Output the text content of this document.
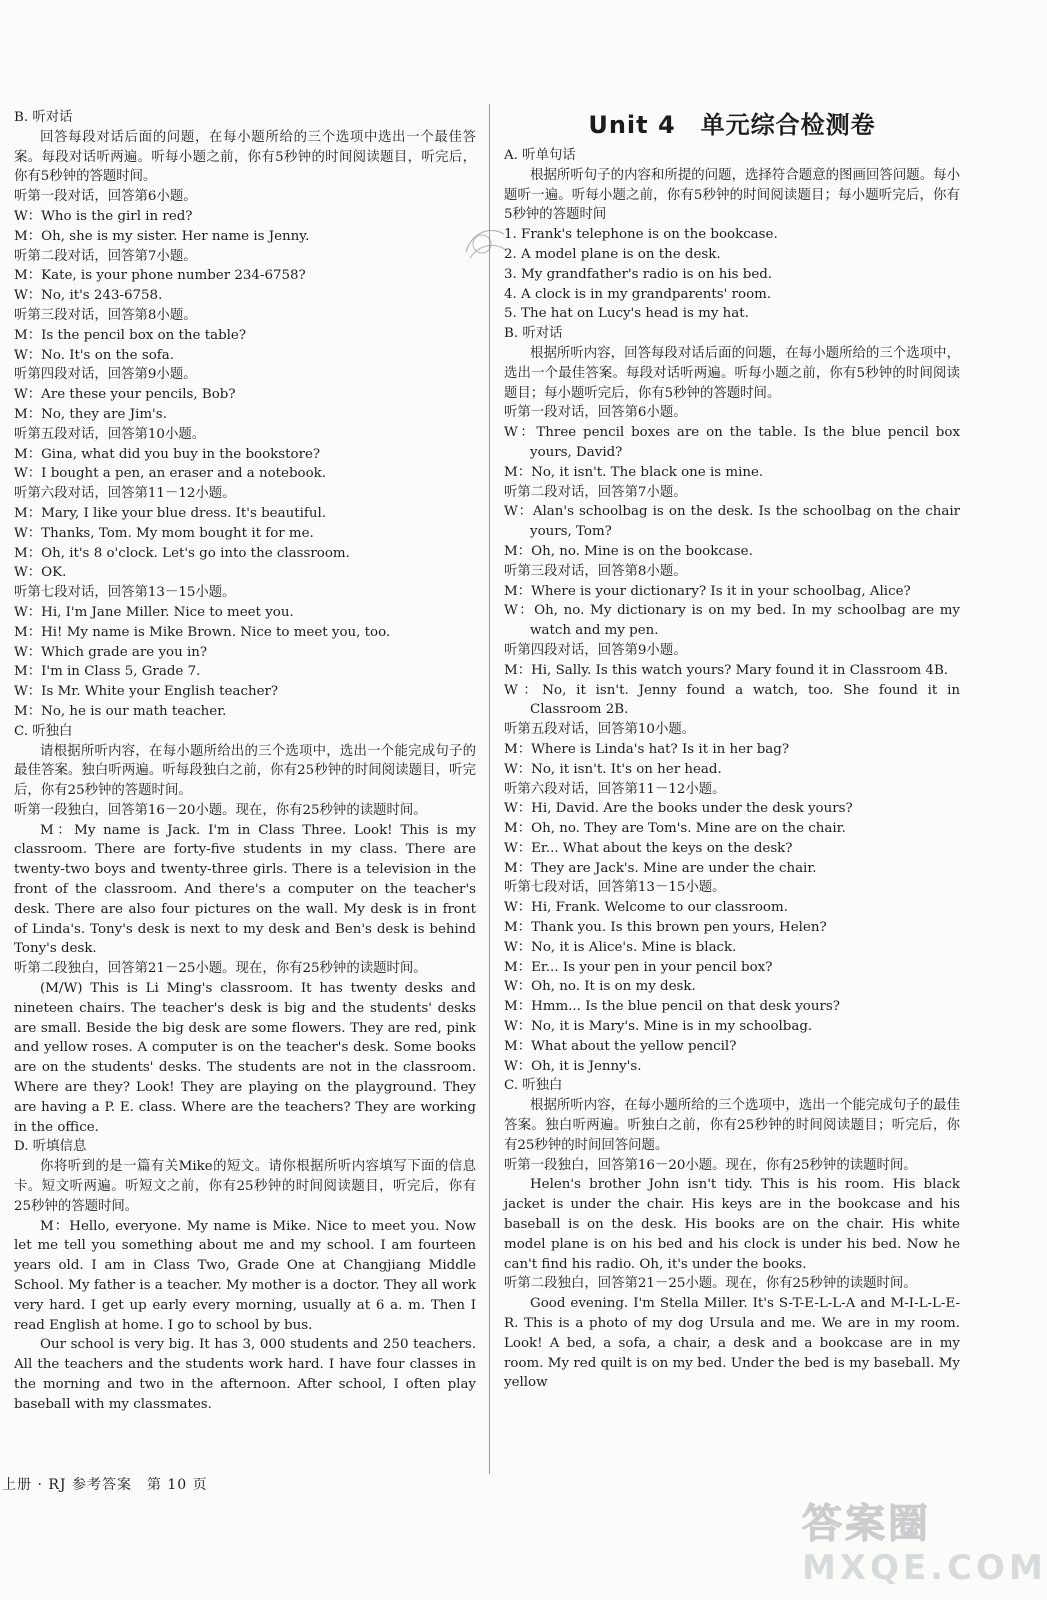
B. 听对话

回答每段对话后面的问题，在每小题所给的三个选项中选出一个最佳答案。每段对话听两遍。听每小题之前，你有5秒钟的时间阅读题目，听完后，你有5秒钟的答题时间。

听第一段对话，回答第6小题。

W：Who is the girl in red?

M：Oh, she is my sister. Her name is Jenny.

听第二段对话，回答第7小题。

M：Kate, is your phone number 234-6758?

W：No, it's 243-6758.

听第三段对话，回答第8小题。

M：Is the pencil box on the table?

W：No. It's on the sofa.

听第四段对话，回答第9小题。

W：Are these your pencils, Bob?

M：No, they are Jim's.

听第五段对话，回答第10小题。

M：Gina, what did you buy in the bookstore?

W：I bought a pen, an eraser and a notebook.

听第六段对话，回答第11－12小题。

M：Mary, I like your blue dress. It's beautiful.

W：Thanks, Tom. My mom bought it for me.

M：Oh, it's 8 o'clock. Let's go into the classroom.

W：OK.

听第七段对话，回答第13－15小题。

W：Hi, I'm Jane Miller. Nice to meet you.

M：Hi! My name is Mike Brown. Nice to meet you, too.

W：Which grade are you in?

M：I'm in Class 5, Grade 7.

W：Is Mr. White your English teacher?

M：No, he is our math teacher.

C. 听独白

请根据所听内容，在每小题所给出的三个选项中，选出一个能完成句子的最佳答案。独白听两遍。听每段独白之前，你有25秒钟的时间阅读题目，听完后，你有25秒钟的答题时间。

听第一段独白，回答第16－20小题。现在，你有25秒钟的读题时间。

M：My name is Jack. I'm in Class Three. Look! This is my classroom. There are forty-five students in my class. There are twenty-two boys and twenty-three girls. There is a television in the front of the classroom. And there's a computer on the teacher's desk. There are also four pictures on the wall. My desk is in front of Linda's. Tony's desk is next to my desk and Ben's desk is behind Tony's desk.

听第二段独白，回答第21－25小题。现在，你有25秒钟的读题时间。

(M/W) This is Li Ming's classroom. It has twenty desks and nineteen chairs. The teacher's desk is big and the students' desks are small. Beside the big desk are some flowers. They are red, pink and yellow roses. A computer is on the teacher's desk. Some books are on the students' desks. The students are not in the classroom. Where are they? Look! They are playing on the playground. They are having a P. E. class. Where are the teachers? They are working in the office.

D. 听填信息

你将听到的是一篇有关Mike的短文。请你根据所听内容填写下面的信息卡。短文听两遍。听短文之前，你有25秒钟的时间阅读题目，听完后，你有25秒钟的答题时间。

M：Hello, everyone. My name is Mike. Nice to meet you. Now let me tell you something about me and my school. I am fourteen years old. I am in Class Two, Grade One at Changjiang Middle School. My father is a teacher. My mother is a doctor. They all work very hard. I get up early every morning, usually at 6 a. m. Then I read English at home. I go to school by bus.

Our school is very big. It has 3, 000 students and 250 teachers. All the teachers and the students work hard. I have four classes in the morning and two in the afternoon. After school, I often play baseball with my classmates.

Unit 4　单元综合检测卷

A. 听单句话

根据所听句子的内容和所提的问题，选择符合题意的图画回答问题。每小题听一遍。听每小题之前，你有5秒钟的时间阅读题目；每小题听完后，你有5秒钟的答题时间

1. Frank's telephone is on the bookcase.

2. A model plane is on the desk.

3. My grandfather's radio is on his bed.

4. A clock is in my grandparents' room.

5. The hat on Lucy's head is my hat.

B. 听对话

根据所听内容，回答每段对话后面的问题，在每小题所给的三个选项中，选出一个最佳答案。每段对话听两遍。听每小题之前，你有5秒钟的时间阅读题目；每小题听完后，你有5秒钟的答题时间。

听第一段对话，回答第6小题。

W：Three pencil boxes are on the table. Is the blue pencil box yours, David?

M：No, it isn't. The black one is mine.

听第二段对话，回答第7小题。

W：Alan's schoolbag is on the desk. Is the schoolbag on the chair yours, Tom?

M：Oh, no. Mine is on the bookcase.

听第三段对话，回答第8小题。

M：Where is your dictionary? Is it in your schoolbag, Alice?

W：Oh, no. My dictionary is on my bed. In my schoolbag are my watch and my pen.

听第四段对话，回答第9小题。

M：Hi, Sally. Is this watch yours? Mary found it in Classroom 4B.

W：No, it isn't. Jenny found a watch, too. She found it in Classroom 2B.

听第五段对话，回答第10小题。

M：Where is Linda's hat? Is it in her bag?

W：No, it isn't. It's on her head.

听第六段对话，回答第11－12小题。

W：Hi, David. Are the books under the desk yours?

M：Oh, no. They are Tom's. Mine are on the chair.

W：Er... What about the keys on the desk?

M：They are Jack's. Mine are under the chair.

听第七段对话，回答第13－15小题。

W：Hi, Frank. Welcome to our classroom.

M：Thank you. Is this brown pen yours, Helen?

W：No, it is Alice's. Mine is black.

M：Er... Is your pen in your pencil box?

W：Oh, no. It is on my desk.

M：Hmm... Is the blue pencil on that desk yours?

W：No, it is Mary's. Mine is in my schoolbag.

M：What about the yellow pencil?

W：Oh, it is Jenny's.

C. 听独白

根据所听内容，在每小题所给的三个选项中，选出一个能完成句子的最佳答案。独白听两遍。听独白之前，你有25秒钟的时间阅读题目；听完后，你有25秒钟的时间回答问题。

听第一段独白，回答第16－20小题。现在，你有25秒钟的读题时间。

Helen's brother John isn't tidy. This is his room. His black jacket is under the chair. His keys are in the bookcase and his baseball is on the desk. His books are on the chair. His white model plane is on his bed and his clock is under his bed. Now he can't find his radio. Oh, it's under the books.

听第二段独白，回答第21－25小题。现在，你有25秒钟的读题时间。

Good evening. I'm Stella Miller. It's S-T-E-L-L-A and M-I-L-L-E-R. This is a photo of my dog Ursula and me. We are in my room. Look! A bed, a sofa, a chair, a desk and a bookcase are in my room. My red quilt is on my bed. Under the bed is my baseball. My yellow

上册 · RJ 参考答案　第 10 页
答案圈
MXQE.COM
